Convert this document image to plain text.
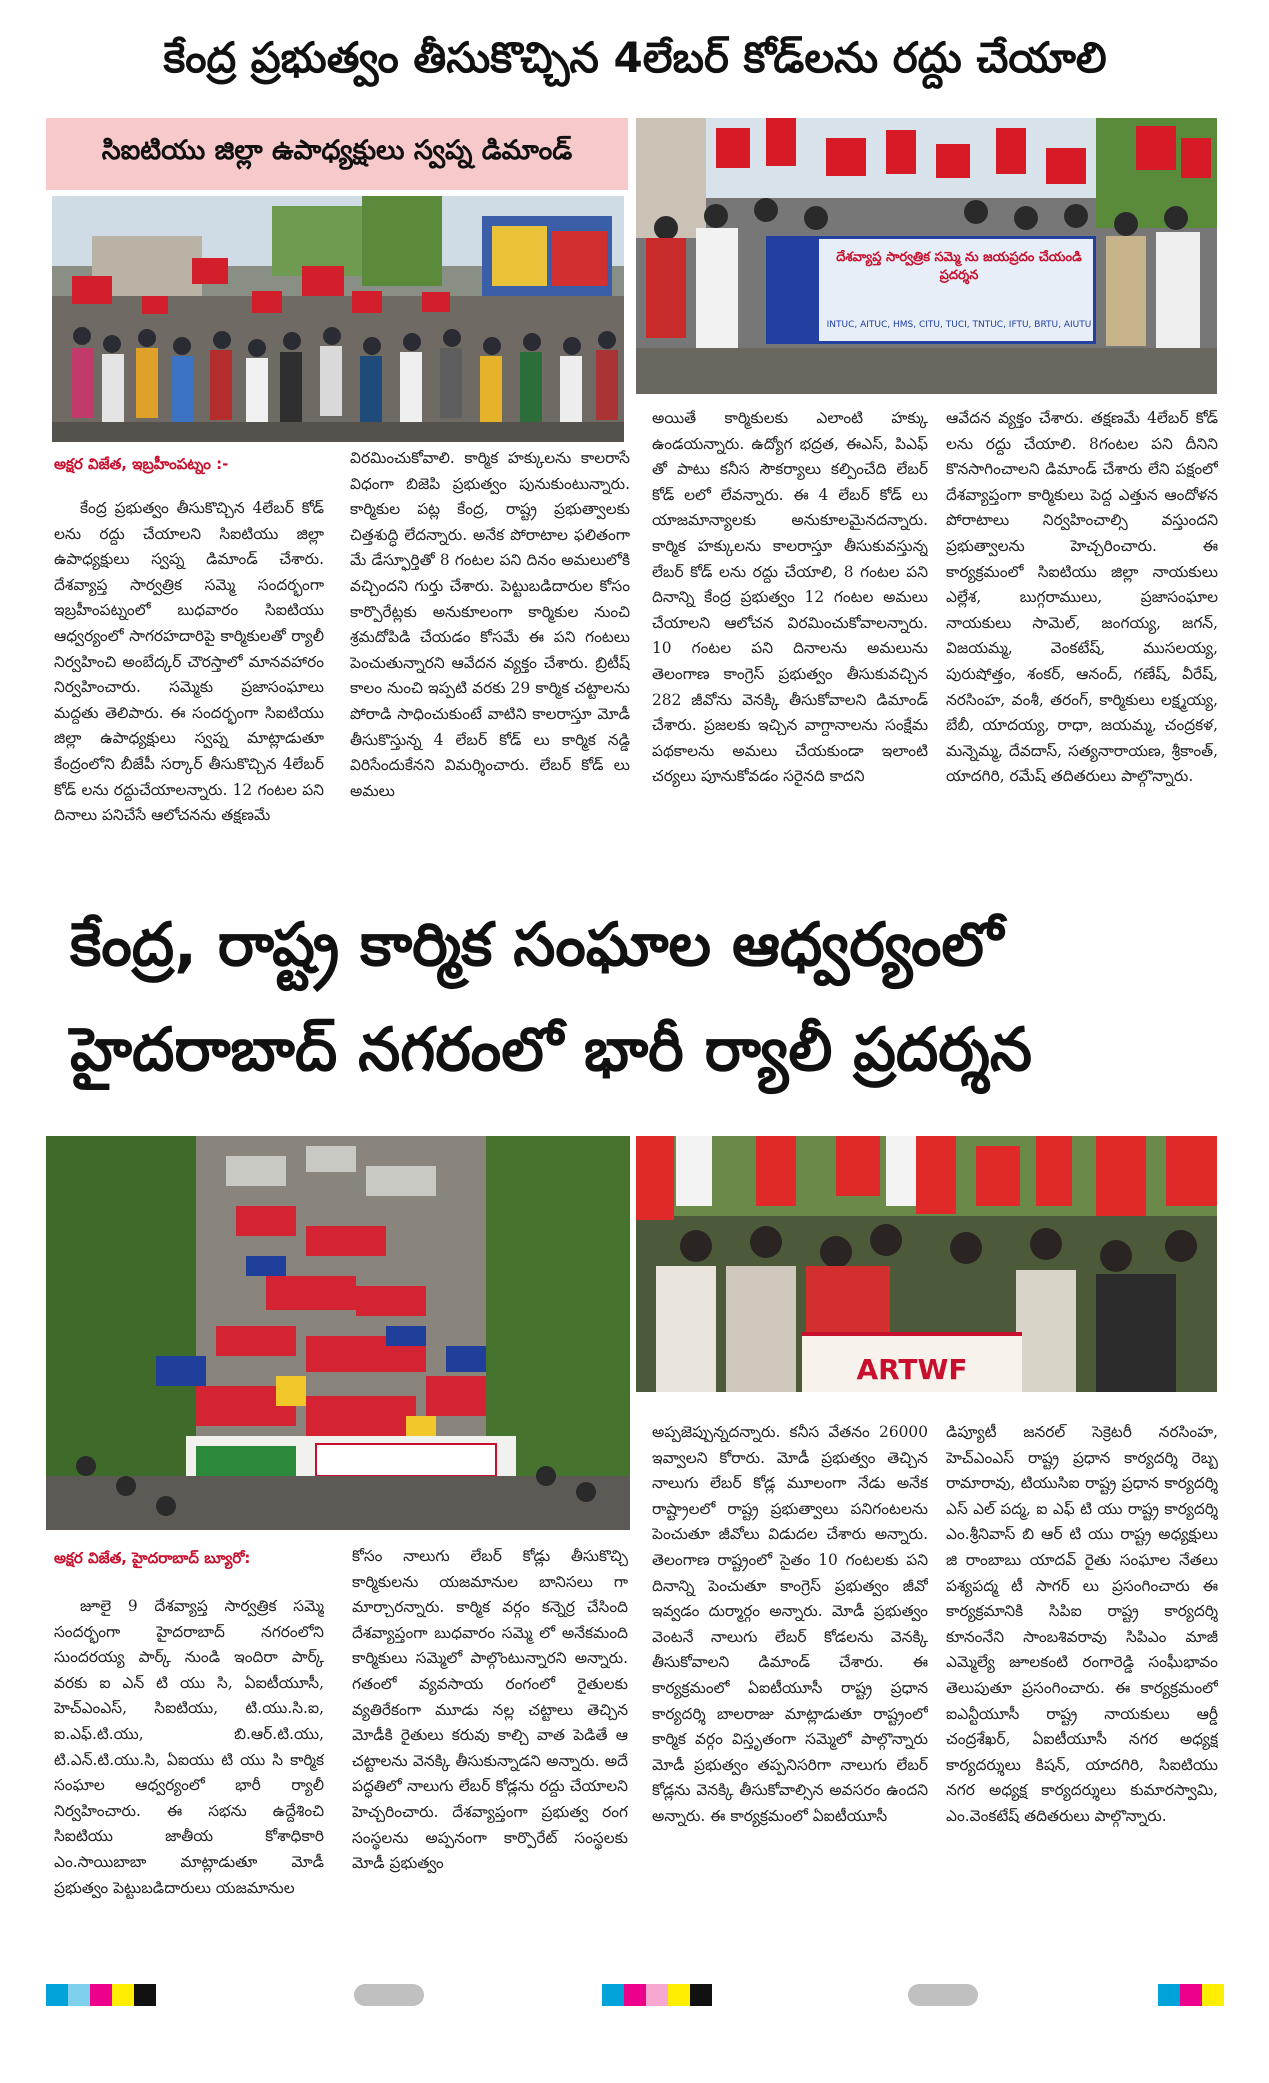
కేంద్ర ప్రభుత్వం తీసుకొచ్చిన 4లేబర్ కోడ్‌లను రద్దు చేయాలి
సిఐటియు జిల్లా ఉపాధ్యక్షులు స్వప్న డిమాండ్
దేశవ్యాప్త సార్వత్రిక సమ్మె ను జయప్రదం చేయండి ప్రదర్శన
INTUC, AITUC, HMS, CITU, TUCI, TNTUC, IFTU, BRTU, AIUTU
అక్షర విజేత, ఇబ్రహీంపట్నం :-
కేంద్ర ప్రభుత్వం తీసుకొచ్చిన 4లేబర్ కోడ్ లను రద్దు చేయాలని సిఐటియు జిల్లా ఉపాధ్యక్షులు స్వప్న డిమాండ్ చేశారు. దేశవ్యాప్త సార్వత్రిక సమ్మె సందర్భంగా ఇబ్రహీంపట్నంలో బుధవారం సిఐటియు ఆధ్వర్యంలో సాగరహదారిపై కార్మికులతో ర్యాలీ నిర్వహించి అంబేద్కర్ చౌరస్తాలో మానవహారం నిర్వహించారు. సమ్మెకు ప్రజాసంఘాలు మద్దతు తెలిపారు. ఈ సందర్భంగా సిఐటియు జిల్లా ఉపాధ్యక్షులు స్వప్న మాట్లాడుతూ కేంద్రంలోని బీజేపీ సర్కార్ తీసుకొచ్చిన 4లేబర్ కోడ్ లను రద్దుచేయాలన్నారు. 12 గంటల పని దినాలు పనిచేసే ఆలోచనను తక్షణమే
విరమించుకోవాలి. కార్మిక హక్కులను కాలరాసే విధంగా బిజెపి ప్రభుత్వం పునుకుంటున్నారు. కార్మికుల పట్ల కేంద్ర, రాష్ట్ర ప్రభుత్వాలకు చిత్తశుద్ధి లేదన్నారు. అనేక పోరాటాల ఫలితంగా మే డేస్ఫూర్తితో 8 గంటల పని దినం అమలులోకి వచ్చిందని గుర్తు చేశారు. పెట్టుబడిదారుల కోసం కార్పొరేట్లకు అనుకూలంగా కార్మికుల నుంచి శ్రమదోపిడి చేయడం కోసమే ఈ పని గంటలు పెంచుతున్నారని ఆవేదన వ్యక్తం చేశారు. బ్రిటీష్ కాలం నుంచి ఇప్పటి వరకు 29 కార్మిక చట్టాలను పోరాడి సాధించుకుంటే వాటిని కాలరాస్తూ మోడీ తీసుకొస్తున్న 4 లేబర్ కోడ్ లు కార్మిక నడ్డి విరిసేందుకేనని విమర్శించారు. లేబర్ కోడ్ లు అమలు
అయితే కార్మికులకు ఎలాంటి హక్కు ఉండయన్నారు. ఉద్యోగ భద్రత, ఈఎస్, పిఎఫ్ తో పాటు కనీస సౌకర్యాలు కల్పించేది లేబర్ కోడ్ లలో లేవన్నారు. ఈ 4 లేబర్ కోడ్ లు యాజమాన్యాలకు అనుకూలమైనదన్నారు. కార్మిక హక్కులను కాలరాస్తూ తీసుకువస్తున్న లేబర్ కోడ్ లను రద్దు చేయాలి, 8 గంటల పని దినాన్ని కేంద్ర ప్రభుత్వం 12 గంటల అమలు చేయాలని ఆలోచన విరమించుకోవాలన్నారు. 10 గంటల పని దినాలను అమలును తెలంగాణ కాంగ్రెస్ ప్రభుత్వం తీసుకువచ్చిన 282 జీవోను వెనక్కి తీసుకోవాలని డిమాండ్ చేశారు. ప్రజలకు ఇచ్చిన వాగ్దానాలను సంక్షేమ పథకాలను అమలు చేయకుండా ఇలాంటి చర్యలు పూనుకోవడం సరైనది కాదని
ఆవేదన వ్యక్తం చేశారు. తక్షణమే 4లేబర్ కోడ్ లను రద్దు చేయాలి. 8గంటల పని దీనిని కొనసాగించాలని డిమాండ్ చేశారు లేని పక్షంలో దేశవ్యాప్తంగా కార్మికులు పెద్ద ఎత్తున ఆందోళన పోరాటాలు నిర్వహించాల్సి వస్తుందని ప్రభుత్వాలను హెచ్చరించారు. ఈ కార్యక్రమంలో సిఐటియు జిల్లా నాయకులు ఎల్లేశ, బుగ్గరాములు, ప్రజాసంఘాల నాయకులు సామెల్, జంగయ్య, జగన్, విజయమ్మ, వెంకటేష్, ముసలయ్య, పురుషోత్తం, శంకర్, ఆనంద్, గణేష్, వీరేష్, నరసింహ, వంశీ, తరంగ్, కార్మికులు లక్ష్మయ్య, బేబీ, యాదయ్య, రాధా, జయమ్మ, చంద్రకళ, మన్నెమ్మ, దేవదాస్, సత్యనారాయణ, శ్రీకాంత్, యాదగిరి, రమేష్ తదితరులు పాల్గొన్నారు.
కేంద్ర, రాష్ట్ర కార్మిక సంఘాల ఆధ్వర్యంలో
హైదరాబాద్ నగరంలో భారీ ర్యాలీ ప్రదర్శన
ARTWF
అక్షర విజేత, హైదరాబాద్ బ్యూరో:
జూలై 9 దేశవ్యాప్త సార్వత్రిక సమ్మె సందర్భంగా హైదరాబాద్ నగరంలోని సుందరయ్య పార్క్ నుండి ఇందిరా పార్క్ వరకు ఐ ఎన్ టి యు సి, ఏఐటీయూసీ, హెచ్‌ఎంఎస్, సిఐటియు, టి.యు.సి.ఐ, ఐ.ఎఫ్.టి.యు, బి.ఆర్.టి.యు, టి.ఎన్.టి.యు.సి, ఏఐయు టి యు సి కార్మిక సంఘాల ఆధ్వర్యంలో భారీ ర్యాలీ నిర్వహించారు. ఈ సభను ఉద్దేశించి సిఐటియు జాతీయ కోశాధికారి ఎం.సాయిబాబా మాట్లాడుతూ మోడీ ప్రభుత్వం పెట్టుబడిదారులు యజమానుల
కోసం నాలుగు లేబర్ కోడ్లు తీసుకొచ్చి కార్మికులను యజమానుల బానిసలు గా మార్చారన్నారు. కార్మిక వర్గం కన్నెర్ర చేసింది దేశవ్యాప్తంగా బుధవారం సమ్మె లో అనేకమంది కార్మికులు సమ్మెలో పాల్గొంటున్నారని అన్నారు. గతంలో వ్యవసాయ రంగంలో రైతులకు వ్యతిరేకంగా మూడు నల్ల చట్టాలు తెచ్చిన మోడీకి రైతులు కరువు కాల్చి వాత పెడితే ఆ చట్టాలను వెనక్కి తీసుకున్నాడని అన్నారు. అదే పద్ధతిలో నాలుగు లేబర్ కోడ్లను రద్దు చేయాలని హెచ్చరించారు. దేశవ్యాప్తంగా ప్రభుత్వ రంగ సంస్థలను అప్పనంగా కార్పొరేట్ సంస్థలకు మోడీ ప్రభుత్వం
అప్పజెప్పున్నదన్నారు. కనీస వేతనం 26000 ఇవ్వాలని కోరారు. మోడీ ప్రభుత్వం తెచ్చిన నాలుగు లేబర్ కోడ్ల మూలంగా నేడు అనేక రాష్ట్రాలలో రాష్ట్ర ప్రభుత్వాలు పనిగంటలను పెంచుతూ జీవోలు విడుదల చేశారు అన్నారు. తెలంగాణ రాష్ట్రంలో సైతం 10 గంటలకు పని దినాన్ని పెంచుతూ కాంగ్రెస్ ప్రభుత్వం జీవో ఇవ్వడం దుర్మార్గం అన్నారు. మోడీ ప్రభుత్వం వెంటనే నాలుగు లేబర్ కోడలను వెనక్కి తీసుకోవాలని డిమాండ్ చేశారు. ఈ కార్యక్రమంలో ఏఐటీయూసీ రాష్ట్ర ప్రధాన కార్యదర్శి బాలరాజు మాట్లాడుతూ రాష్ట్రంలో కార్మిక వర్గం విస్తృతంగా సమ్మెలో పాల్గొన్నారు మోడీ ప్రభుత్వం తప్పనిసరిగా నాలుగు లేబర్ కోడ్లను వెనక్కి తీసుకోవాల్సిన అవసరం ఉందని అన్నారు. ఈ కార్యక్రమంలో ఏఐటీయూసీ
డిప్యూటీ జనరల్ సెక్రెటరీ నరసింహ, హెచ్‌ఎంఎస్ రాష్ట్ర ప్రధాన కార్యదర్శి రెబ్బ రామారావు, టియుసిఐ రాష్ట్ర ప్రధాన కార్యదర్శి ఎస్ ఎల్ పద్మ, ఐ ఎఫ్ టి యు రాష్ట్ర కార్యదర్శి ఎం.శ్రీనివాస్ బి ఆర్ టి యు రాష్ట్ర అధ్యక్షులు జి రాంబాబు యాదవ్ రైతు సంఘాల నేతలు పశ్యపద్మ టీ సాగర్ లు ప్రసంగించారు ఈ కార్యక్రమానికి సిపిఐ రాష్ట్ర కార్యదర్శి కూనంనేని సాంబశివరావు సిపిఎం మాజీ ఎమ్మెల్యే జూలకంటి రంగారెడ్డి సంఘీభావం తెలుపుతూ ప్రసంగించారు. ఈ కార్యక్రమంలో ఐఎన్టీయూసీ రాష్ట్ర నాయకులు ఆర్డీ చంద్రశేఖర్, ఏఐటీయూసీ నగర అధ్యక్ష కార్యదర్శులు కిషన్, యాదగిరి, సిఐటియు నగర అధ్యక్ష కార్యదర్శులు కుమారస్వామి, ఎం.వెంకటేష్ తదితరులు పాల్గొన్నారు.
